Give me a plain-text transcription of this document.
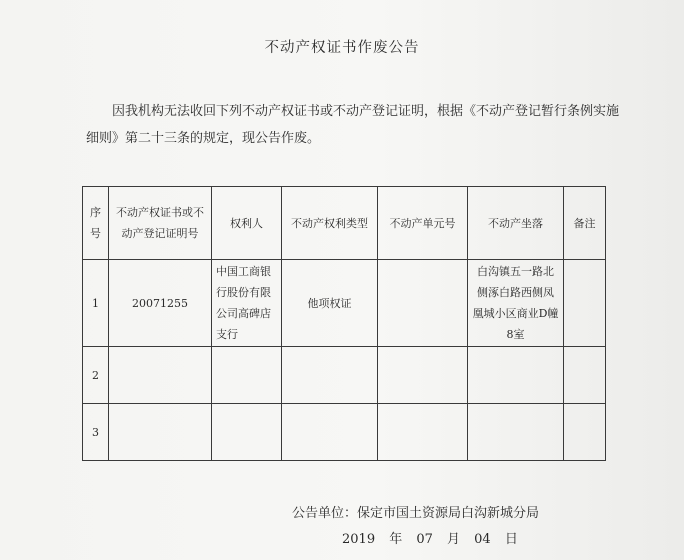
不动产权证书作废公告
因我机构无法收回下列不动产权证书或不动产登记证明，根据《不动产登记暂行条例实施细则》第二十三条的规定，现公告作废。
序号	不动产权证书或不动产登记证明号	权利人	不动产权利类型	不动产单元号	不动产坐落	备注
1	20071255	中国工商银行股份有限公司高碑店支行	他项权证		白沟镇五一路北侧涿白路西侧凤凰城小区商业D幢8室	
2						
3						
公告单位：保定市国土资源局白沟新城分局
2019 年 07 月 04 日
